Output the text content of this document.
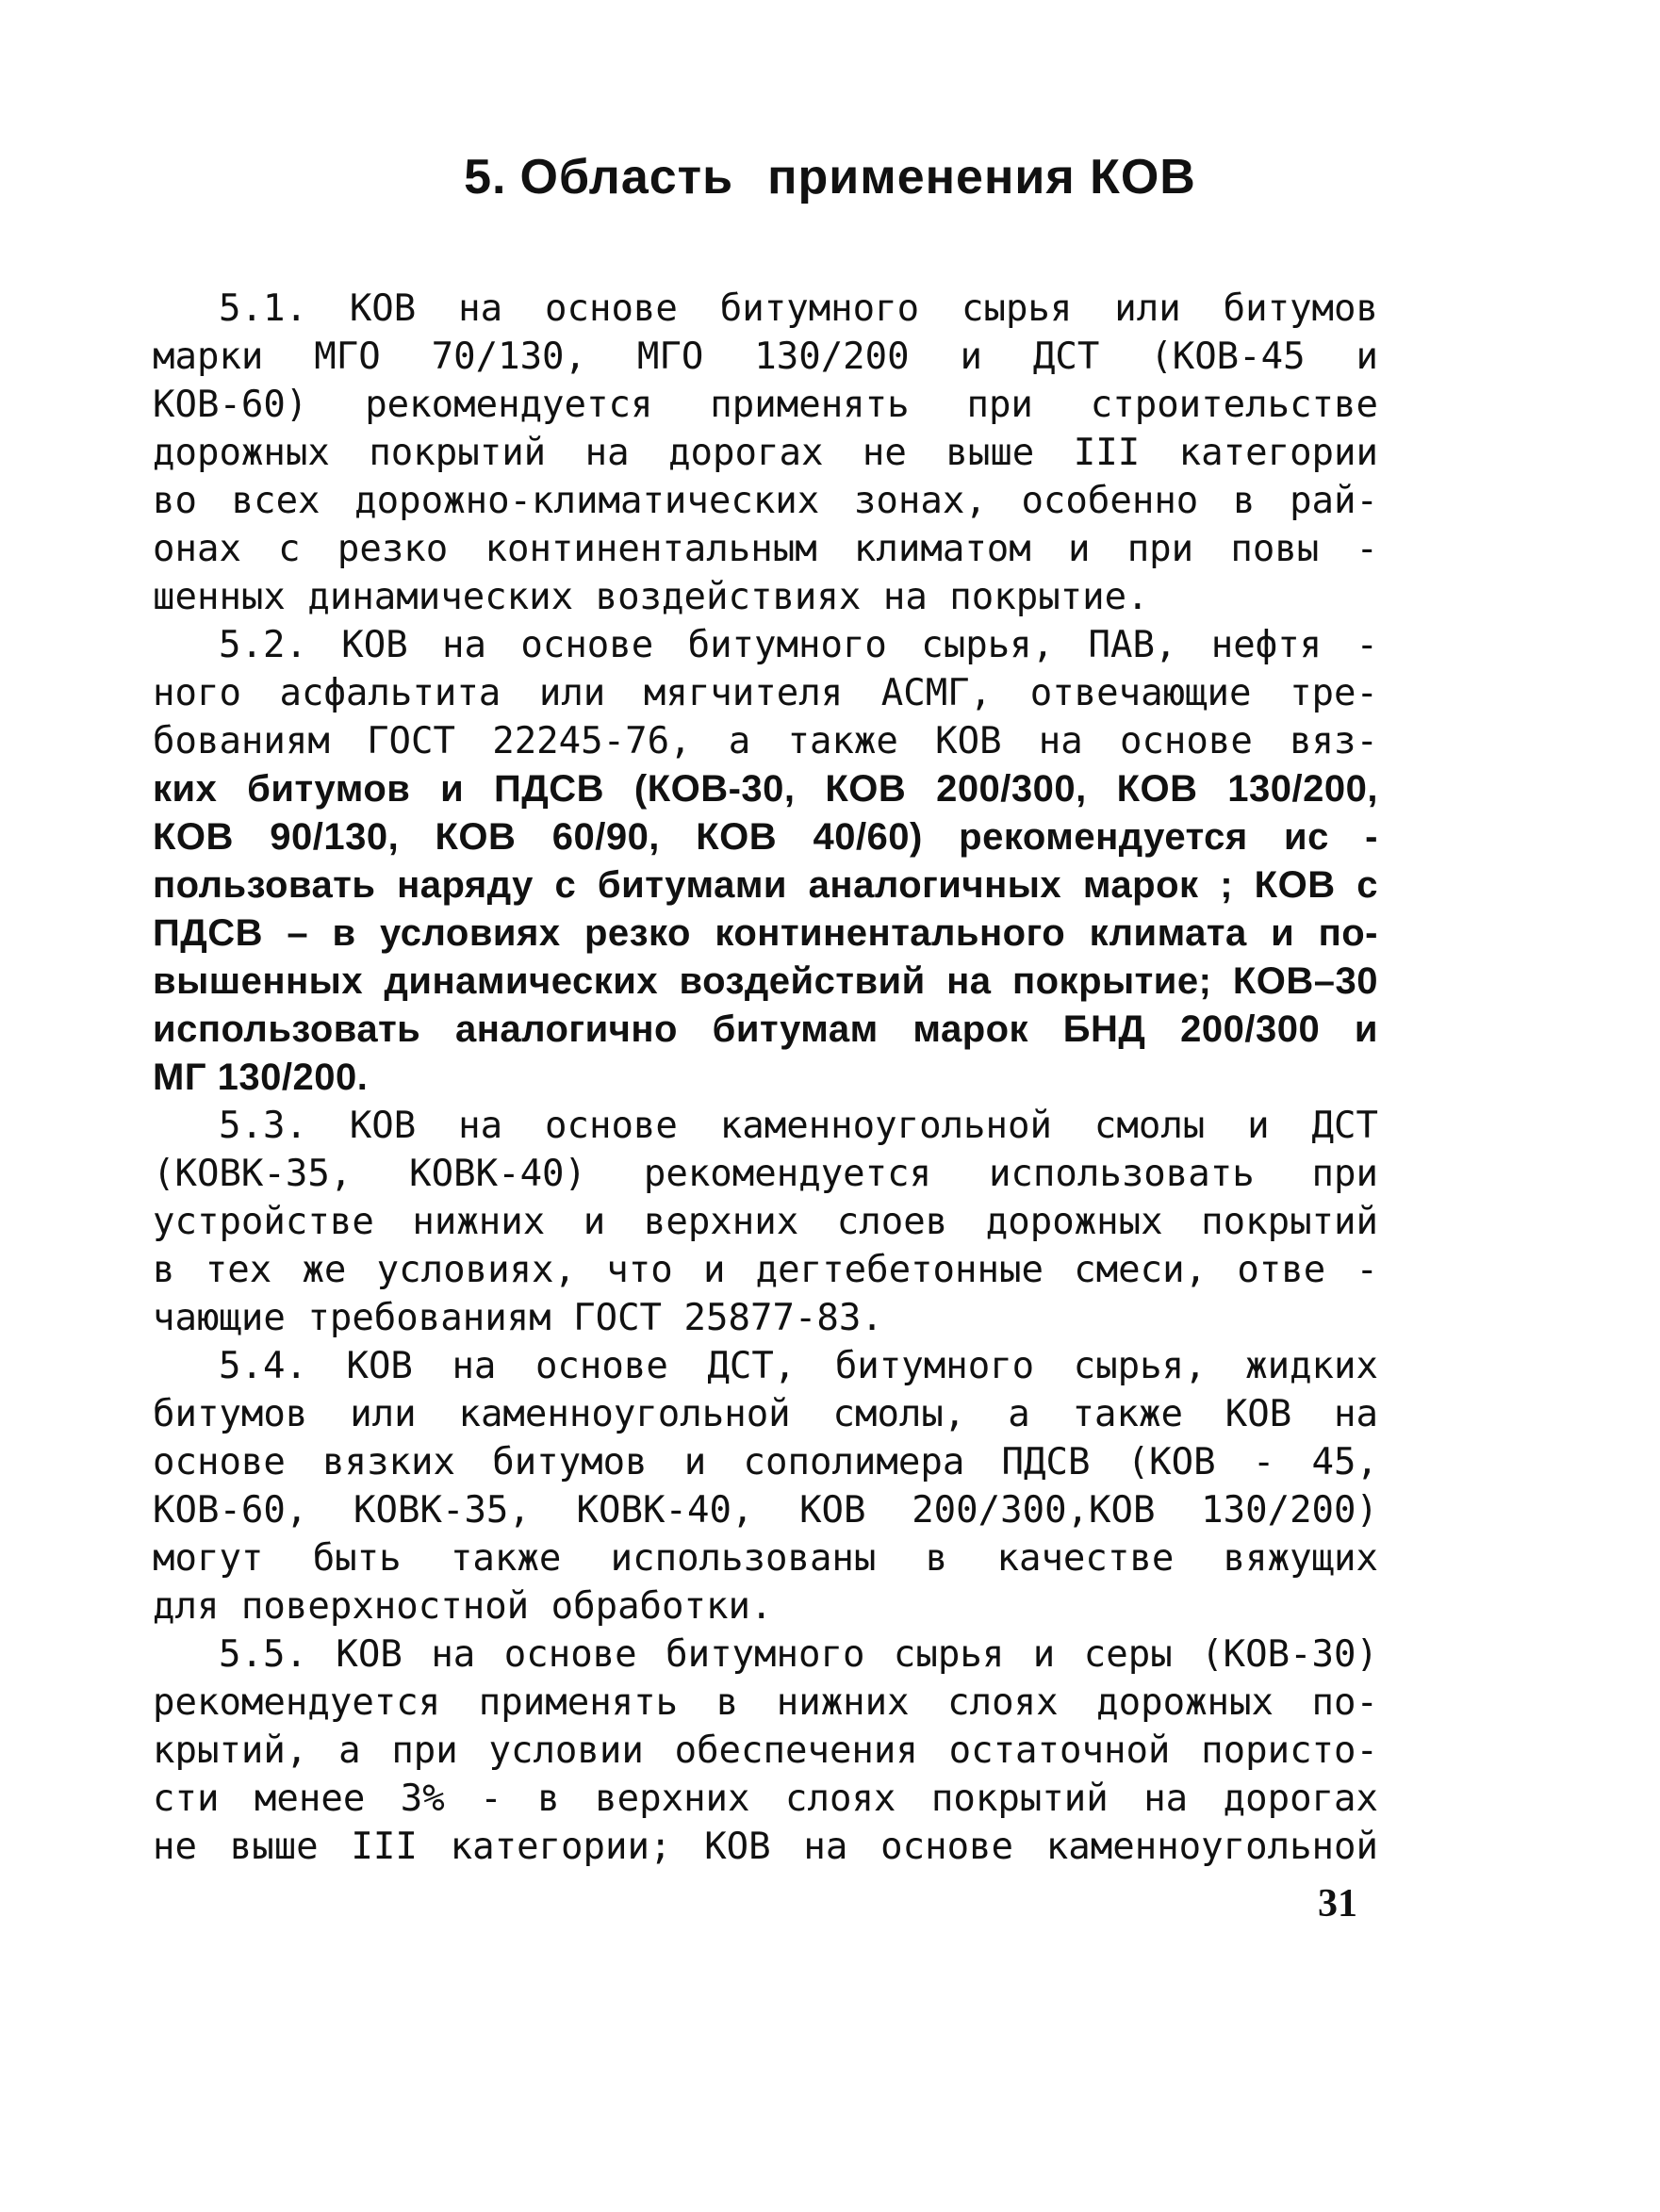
5. Область применения КОВ
5.1. КОВ на основе битумного сырья или битумов
марки МГО 70/130, МГО 130/200 и ДСТ (КОВ-45 и
КОВ-60) рекомендуется применять при строительстве
дорожных покрытий на дорогах не выше III категории
во всех дорожно-климатических зонах, особенно в рай-
онах с резко континентальным климатом и при повы -
шенных динамических воздействиях на покрытие.
5.2. КОВ на основе битумного сырья, ПАВ, нефтя -
ного асфальтита или мягчителя АСМГ, отвечающие тре-
бованиям ГОСТ 22245-76, а также КОВ на основе вяз-
ких битумов и ПДСВ (КОВ-30, КОВ 200/300, КОВ 130/200,
КОВ 90/130, КОВ 60/90, КОВ 40/60) рекомендуется ис -
пользовать наряду с битумами аналогичных марок ; КОВ с
ПДСВ – в условиях резко континентального климата и по-
вышенных динамических воздействий на покрытие; КОВ–30
использовать аналогично битумам марок БНД 200/300 и
МГ 130/200.
5.3. КОВ на основе каменноугольной смолы и ДСТ
(КОВК-35, КОВК-40) рекомендуется использовать при
устройстве нижних и верхних слоев дорожных покрытий
в тех же условиях, что и дегтебетонные смеси, отве -
чающие требованиям ГОСТ 25877-83.
5.4. КОВ на основе ДСТ, битумного сырья, жидких
битумов или каменноугольной смолы, а также КОВ на
основе вязких битумов и сополимера ПДСВ (КОВ - 45,
КОВ-60, КОВК-35, КОВК-40, КОВ 200/300,КОВ 130/200)
могут быть также использованы в качестве вяжущих
для поверхностной обработки.
5.5. КОВ на основе битумного сырья и серы (КОВ-30)
рекомендуется применять в нижних слоях дорожных по-
крытий, а при условии обеспечения остаточной пористо-
сти менее 3% - в верхних слоях покрытий на дорогах
не выше III категории; КОВ на основе каменноугольной
31
